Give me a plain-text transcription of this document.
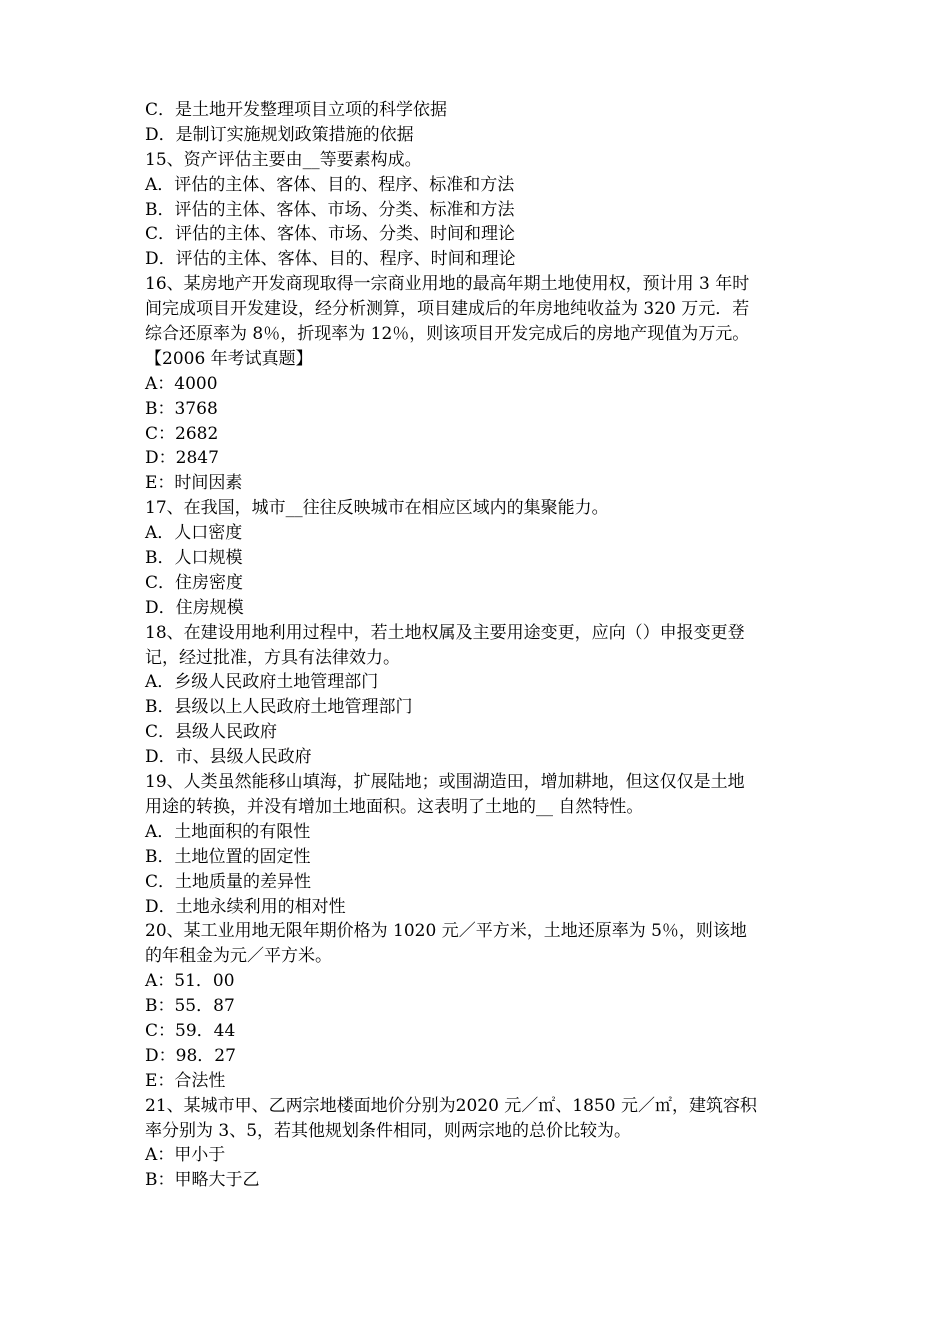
C．是土地开发整理项目立项的科学依据
D．是制订实施规划政策措施的依据
15、资产评估主要由__等要素构成。
A．评估的主体、客体、目的、程序、标准和方法
B．评估的主体、客体、市场、分类、标准和方法
C．评估的主体、客体、市场、分类、时间和理论
D．评估的主体、客体、目的、程序、时间和理论
16、某房地产开发商现取得一宗商业用地的最高年期土地使用权，预计用 3 年时
间完成项目开发建设，经分析测算，项目建成后的年房地纯收益为 320 万元．若
综合还原率为 8％，折现率为 12％，则该项目开发完成后的房地产现值为万元。
【2006 年考试真题】
A：4000
B：3768
C：2682
D：2847
E：时间因素
17、在我国，城市__往往反映城市在相应区域内的集聚能力。
A．人口密度
B．人口规模
C．住房密度
D．住房规模
18、在建设用地利用过程中，若土地权属及主要用途变更，应向（）申报变更登
记，经过批准，方具有法律效力。
A．乡级人民政府土地管理部门
B．县级以上人民政府土地管理部门
C．县级人民政府
D．市、县级人民政府
19、人类虽然能移山填海，扩展陆地；或围湖造田，增加耕地，但这仅仅是土地
用途的转换，并没有增加土地面积。这表明了土地的__ 自然特性。
A．土地面积的有限性
B．土地位置的固定性
C．土地质量的差异性
D．土地永续利用的相对性
20、某工业用地无限年期价格为 1020 元／平方米，土地还原率为 5％，则该地
的年租金为元／平方米。
A：51．00
B：55．87
C：59．44
D：98．27
E：合法性
21、某城市甲、乙两宗地楼面地价分别为2020 元／㎡、1850 元／㎡，建筑容积
率分别为 3、5，若其他规划条件相同，则两宗地的总价比较为。
A：甲小于
B：甲略大于乙
